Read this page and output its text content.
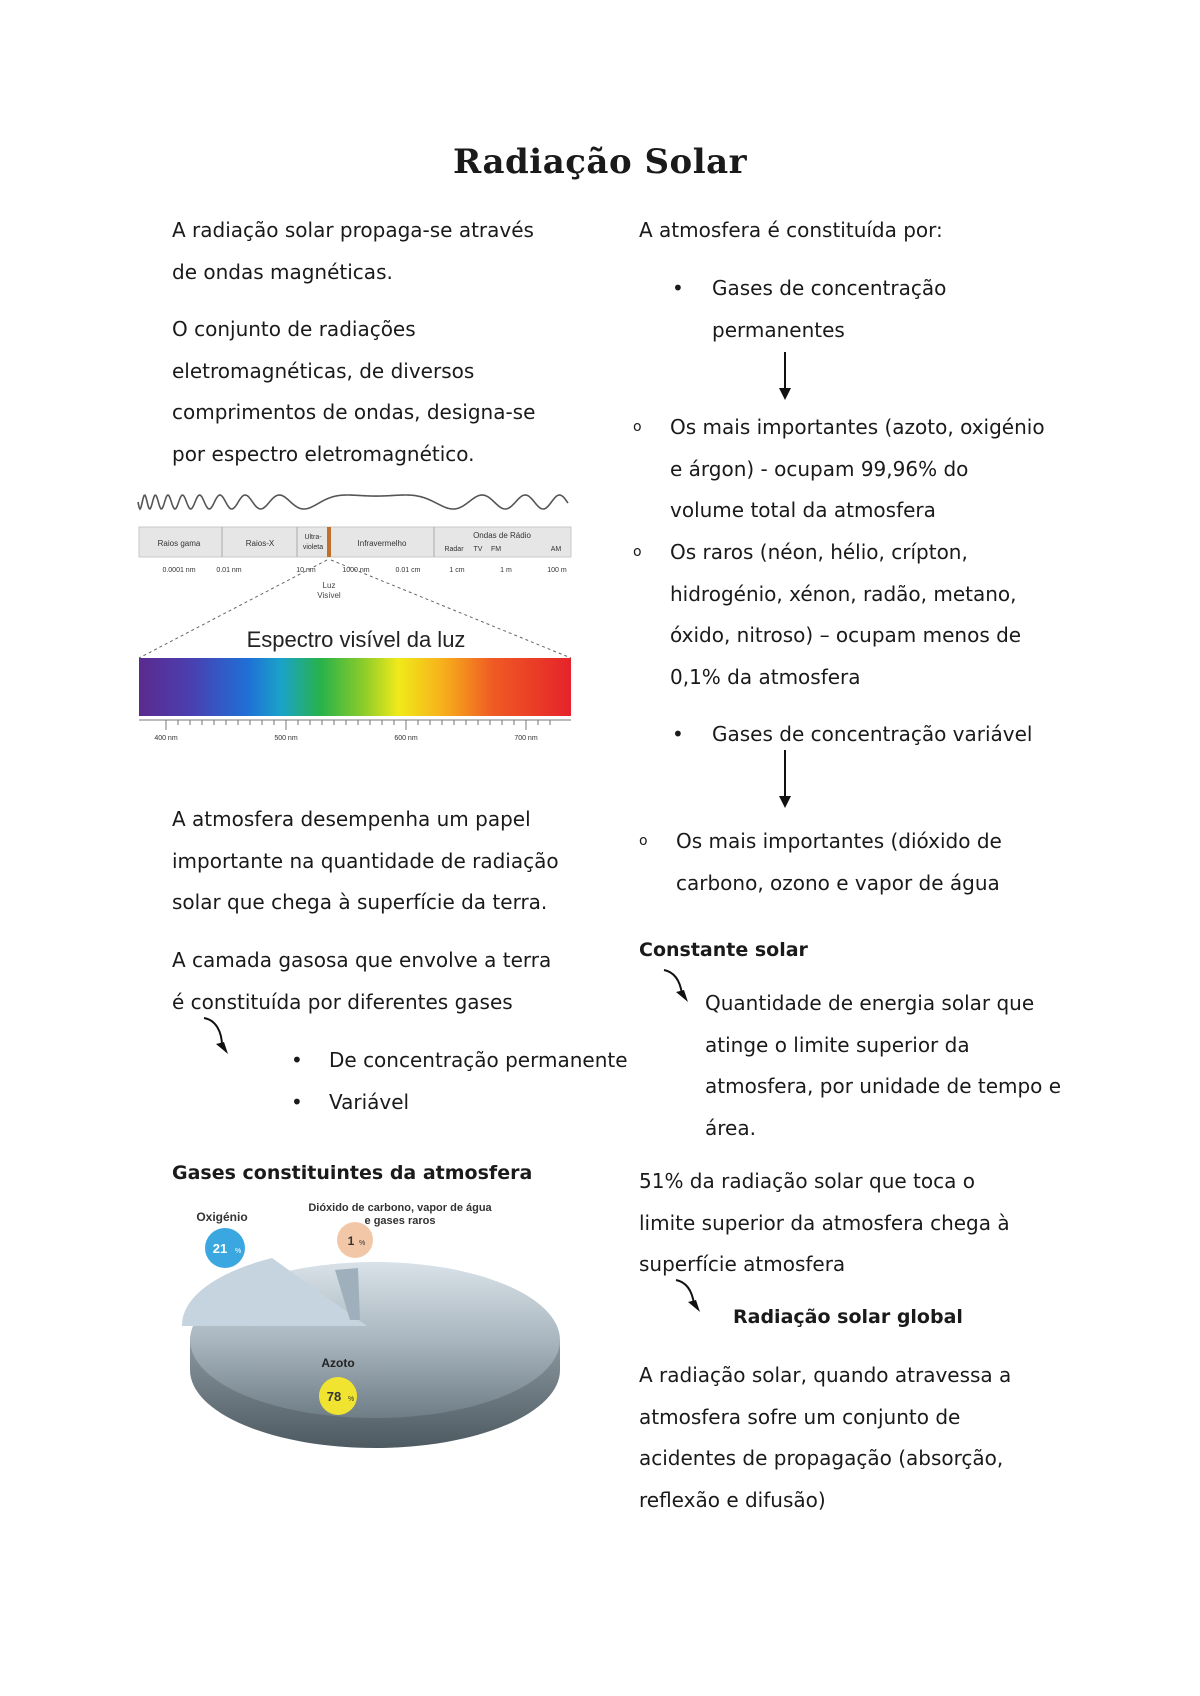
Radiação Solar
A radiação solar propaga-se através
de ondas magnéticas.
O conjunto de radiações
eletromagnéticas, de diversos
comprimentos de ondas, designa-se
por espectro eletromagnético.
Raios gama	Raios-X
Ultra-
violeta	Infravermelho
Ondas de Rádio
Radar TV FM	AM
0.0001 nm	0.01 nm	10 nm	1000 nm	0.01 cm	1 cm	1 m	100 m
Luz
Visível
Espectro visível da luz
400 nm	500 nm	600 nm	700 nm
A atmosfera desempenha um papel
importante na quantidade de radiação
solar que chega à superfície da terra.
A camada gasosa que envolve a terra
é constituída por diferentes gases
• De concentração permanente
• Variável
Gases constituintes da atmosfera
21 %
Oxigénio
1 %
Dióxido de carbono, vapor de água
e gases raros
Azoto
78 %
A atmosfera é constituída por:
•	Gases de concentração
permanentes
o	Os mais importantes (azoto, oxigénio
e árgon) - ocupam 99,96% do
volume total da atmosfera
o	Os raros (néon, hélio, crípton,
hidrogénio, xénon, radão, metano,
óxido, nitroso) – ocupam menos de
0,1% da atmosfera
•	Gases de concentração variável
o	Os mais importantes (dióxido de
carbono, ozono e vapor de água
Constante solar
Quantidade de energia solar que
atinge o limite superior da
atmosfera, por unidade de tempo e
área.
51% da radiação solar que toca o
limite superior da atmosfera chega à
superfície atmosfera
Radiação solar global
A radiação solar, quando atravessa a
atmosfera sofre um conjunto de
acidentes de propagação (absorção,
reflexão e difusão)
